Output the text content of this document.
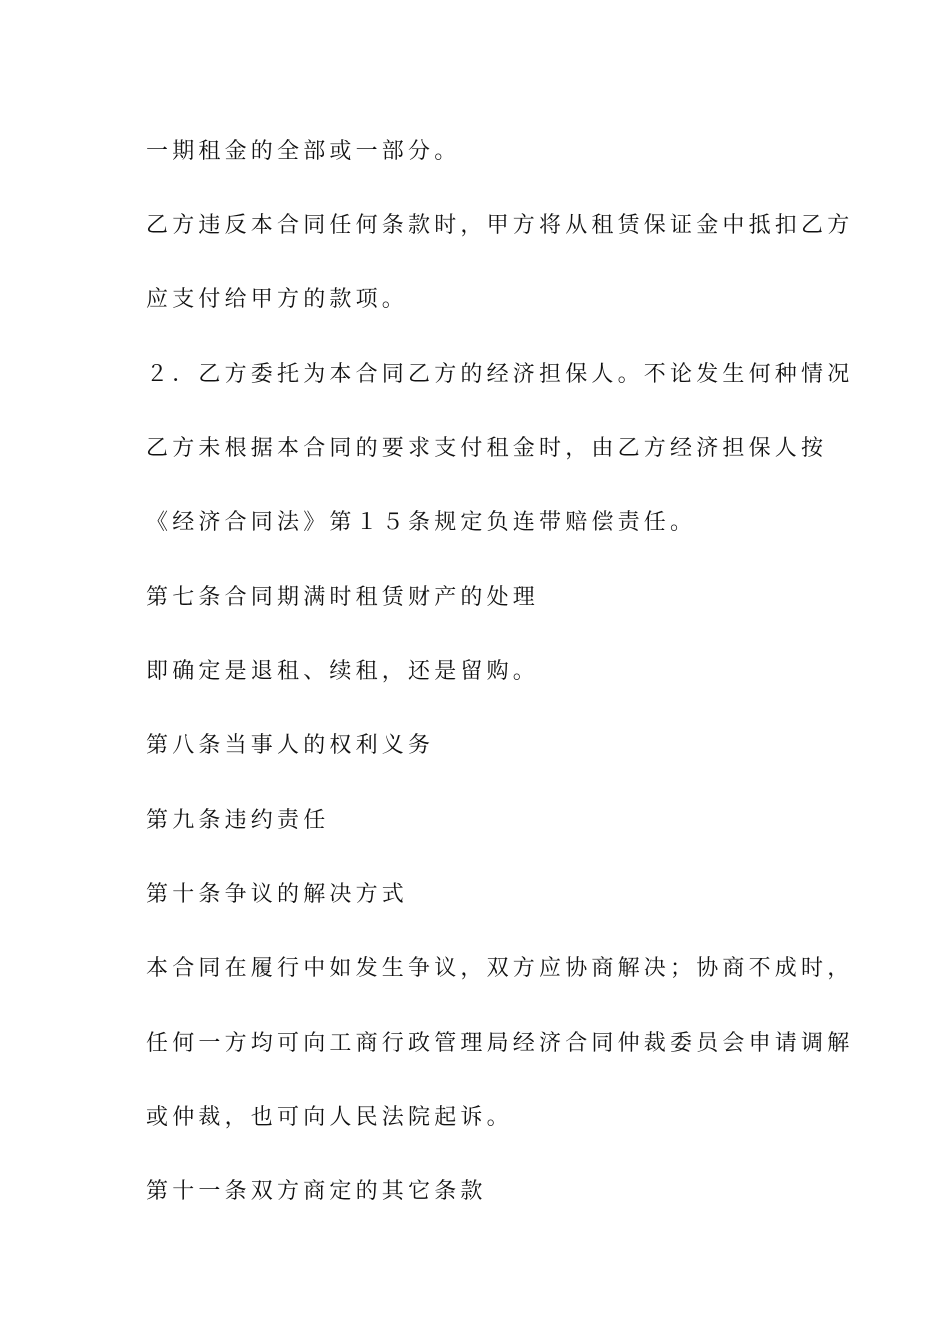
一期租金的全部或一部分。
乙方违反本合同任何条款时，甲方将从租赁保证金中抵扣乙方
应支付给甲方的款项。
２．乙方委托为本合同乙方的经济担保人。不论发生何种情况
乙方未根据本合同的要求支付租金时，由乙方经济担保人按
《经济合同法》第１５条规定负连带赔偿责任。
第七条合同期满时租赁财产的处理
即确定是退租、续租，还是留购。
第八条当事人的权利义务
第九条违约责任
第十条争议的解决方式
本合同在履行中如发生争议，双方应协商解决；协商不成时，
任何一方均可向工商行政管理局经济合同仲裁委员会申请调解
或仲裁，也可向人民法院起诉。
第十一条双方商定的其它条款
